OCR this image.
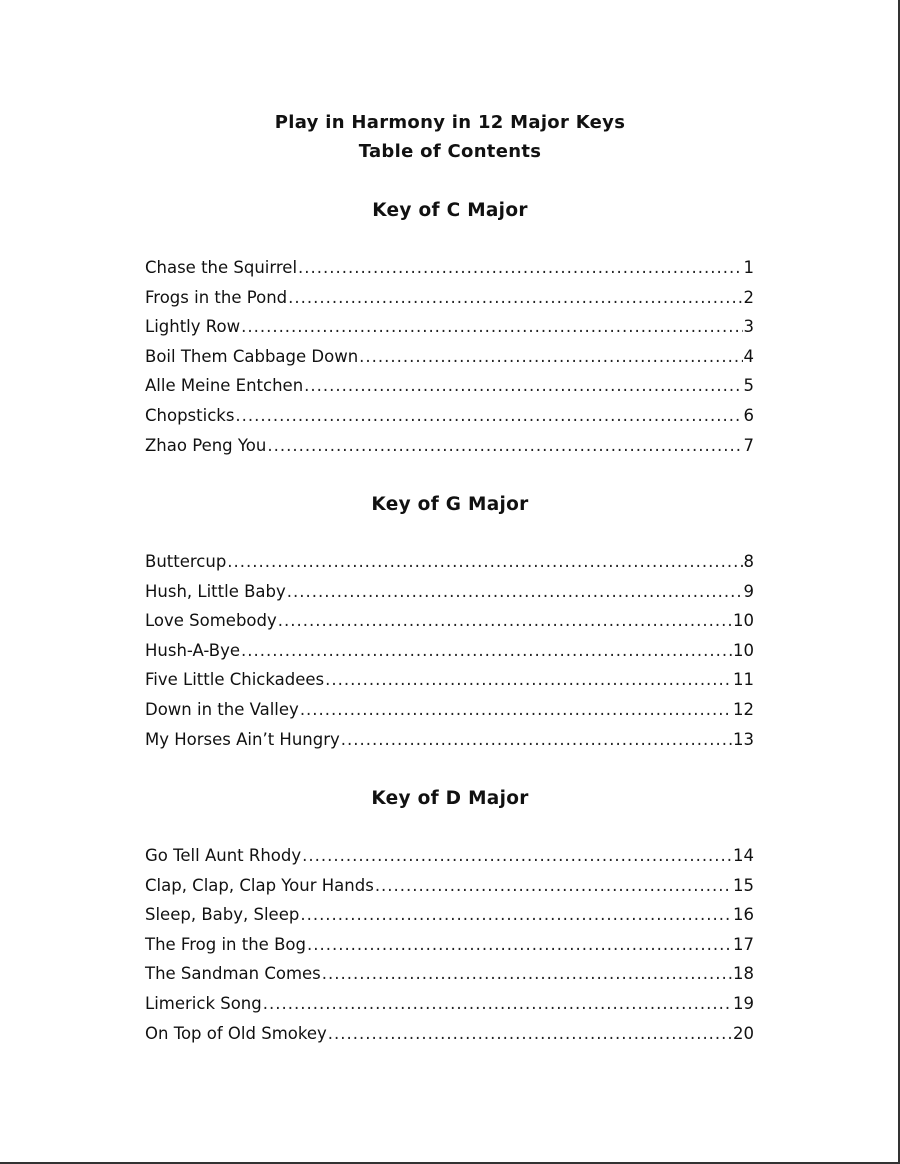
Play in Harmony in 12 Major Keys
Table of Contents
Key of C Major
Chase the Squirrel .....	1
Frogs in the Pond .....	2
Lightly Row .....	3
Boil Them Cabbage Down .....	4
Alle Meine Entchen .....	5
Chopsticks .....	6
Zhao Peng You .....	7
Key of G Major
Buttercup .....	8
Hush, Little Baby .....	9
Love Somebody .....	10
Hush-A-Bye .....	10
Five Little Chickadees .....	11
Down in the Valley .....	12
My Horses Ain’t Hungry .....	13
Key of D Major
Go Tell Aunt Rhody .....	14
Clap, Clap, Clap Your Hands .....	15
Sleep, Baby, Sleep .....	16
The Frog in the Bog .....	17
The Sandman Comes .....	18
Limerick Song .....	19
On Top of Old Smokey .....	20
